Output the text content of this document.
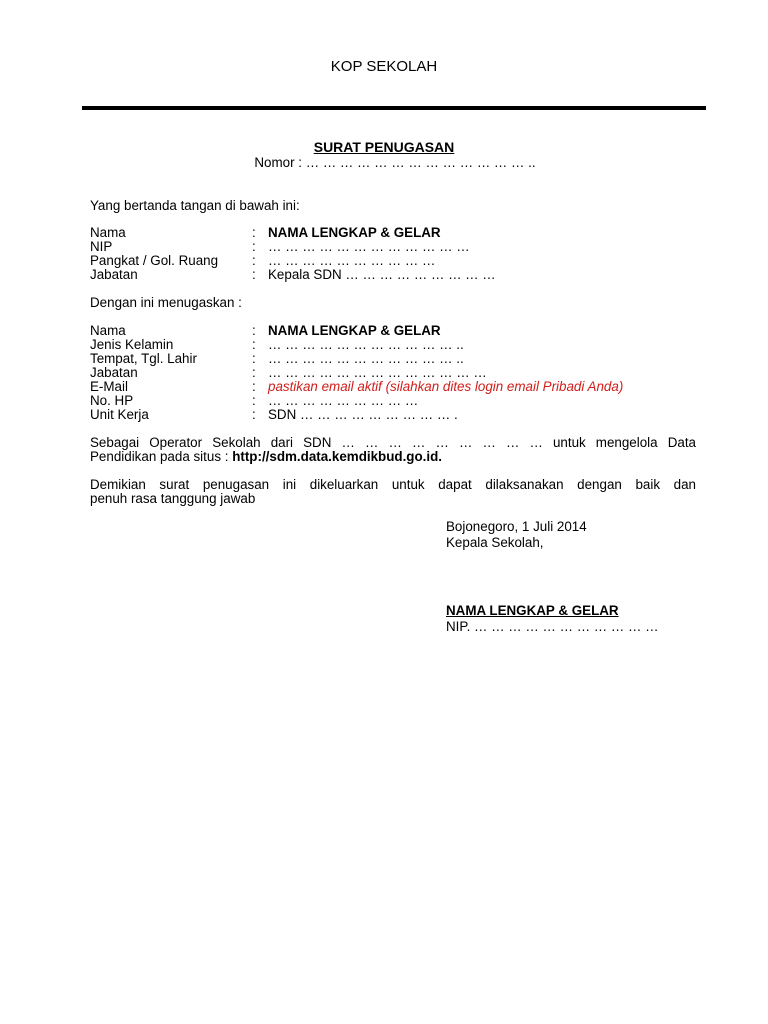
KOP SEKOLAH
SURAT PENUGASAN
Nomor : … … … … … … … … … … … … … ..
Yang bertanda tangan di bawah ini:
Nama	: NAMA LENGKAP & GELAR
NIP	: … … … … … … … … … … … …
Pangkat / Gol. Ruang	: … … … … … … … … … …
Jabatan	: Kepala SDN … … … … … … … … …
Dengan ini menugaskan :
Nama	: NAMA LENGKAP & GELAR
Jenis Kelamin	: … … … … … … … … … … … ..
Tempat, Tgl. Lahir	: … … … … … … … … … … … ..
Jabatan	: … … … … … … … … … … … … …
E-Mail	: pastikan email aktif (silahkan dites login email Pribadi Anda)
No. HP	: … … … … … … … … …
Unit Kerja	: SDN … … … … … … … … … .
Sebagai Operator Sekolah dari SDN … … … … … … … … … untuk mengelola Data
Pendidikan pada situs : http://sdm.data.kemdikbud.go.id.
Demikian surat penugasan ini dikeluarkan untuk dapat dilaksanakan dengan baik dan
penuh rasa tanggung jawab
Bojonegoro, 1 Juli 2014
Kepala Sekolah,
NAMA LENGKAP & GELAR
NIP. … … … … … … … … … … …
